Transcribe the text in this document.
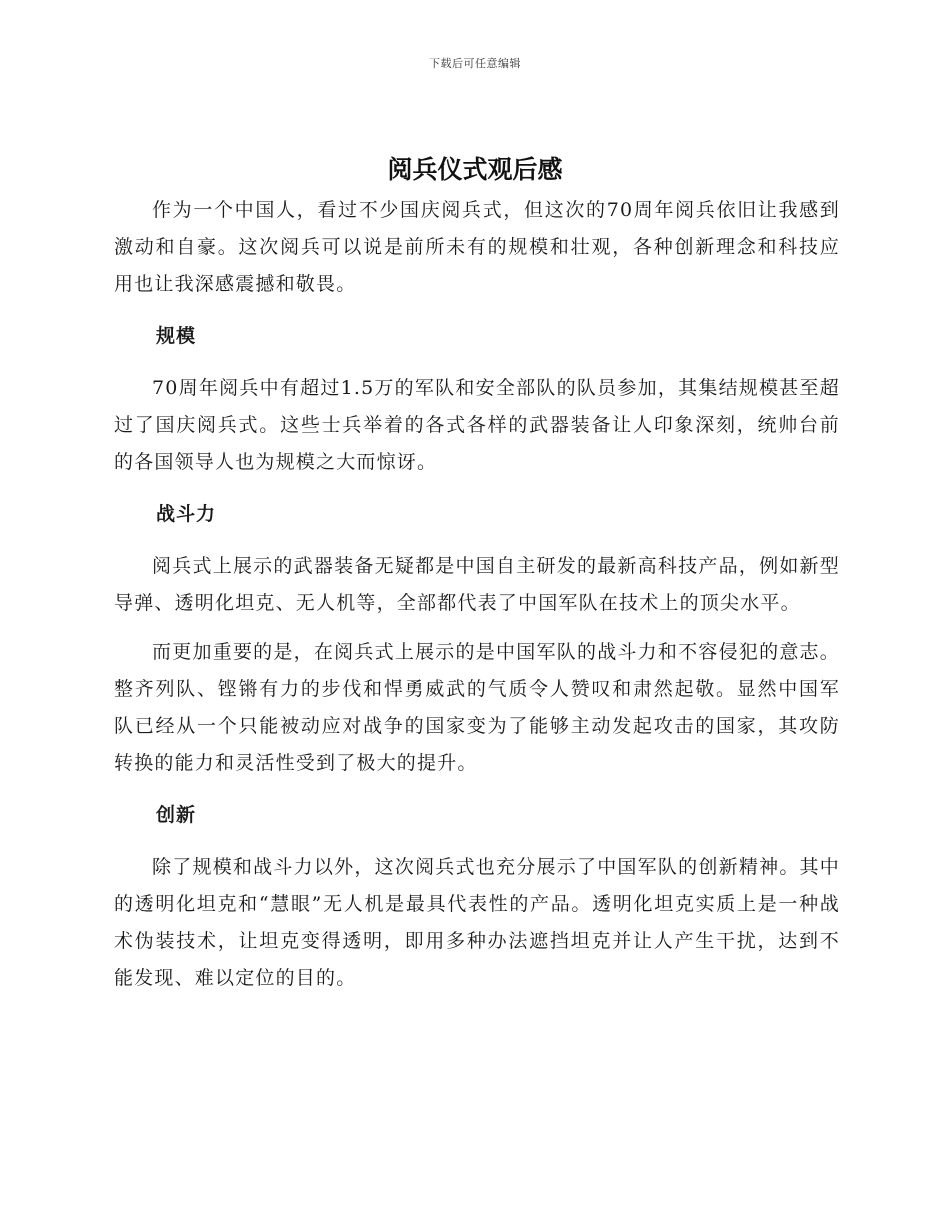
下载后可任意编辑
阅兵仪式观后感

作为一个中国人，看过不少国庆阅兵式，但这次的70周年阅兵依旧让我感到激动和自豪。这次阅兵可以说是前所未有的规模和壮观，各种创新理念和科技应用也让我深感震撼和敬畏。

规模

70周年阅兵中有超过1.5万的军队和安全部队的队员参加，其集结规模甚至超过了国庆阅兵式。这些士兵举着的各式各样的武器装备让人印象深刻，统帅台前的各国领导人也为规模之大而惊讶。

战斗力

阅兵式上展示的武器装备无疑都是中国自主研发的最新高科技产品，例如新型导弹、透明化坦克、无人机等，全部都代表了中国军队在技术上的顶尖水平。

而更加重要的是，在阅兵式上展示的是中国军队的战斗力和不容侵犯的意志。整齐列队、铿锵有力的步伐和悍勇威武的气质令人赞叹和肃然起敬。显然中国军队已经从一个只能被动应对战争的国家变为了能够主动发起攻击的国家，其攻防转换的能力和灵活性受到了极大的提升。

创新

除了规模和战斗力以外，这次阅兵式也充分展示了中国军队的创新精神。其中的透明化坦克和“慧眼”无人机是最具代表性的产品。透明化坦克实质上是一种战术伪装技术，让坦克变得透明，即用多种办法遮挡坦克并让人产生干扰，达到不能发现、难以定位的目的。
